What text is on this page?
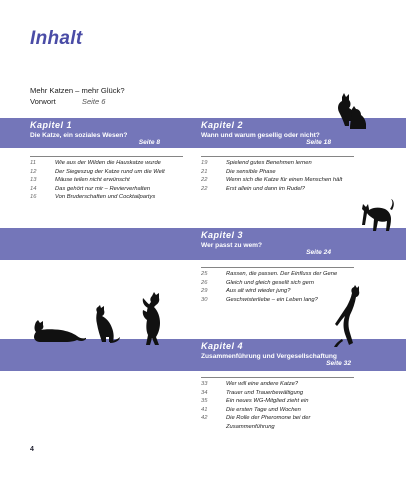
Inhalt
Mehr Katzen – mehr Glück?
Vorwort	Seite 6
Kapitel 1	Kapitel 2
Die Katze, ein soziales Wesen?
Seite 8
Wann und warum gesellig oder nicht?
Seite 18
11	Wie aus der Wilden die Hauskatze wurde
12	Der Siegeszug der Katze rund um die Welt
13	Mäuse teilen nicht erwünscht
14	Das gehört nur mir – Revierverhalten
16	Von Bruderschaften und Cocktailpartys
19	Spielend gutes Benehmen lernen
21	Die sensible Phase
22	Wenn sich die Katze für einen Menschen hält
22	Erst allein und dann im Rudel?
Kapitel 3
Wer passt zu wem?
Seite 24
25	Rassen, die passen. Der Einfluss der Gene
26	Gleich und gleich gesellt sich gern
29	Aus alt wird wieder jung?
30	Geschwisterliebe – ein Leben lang?
Kapitel 4
Zusammenführung und Vergesellschaftung
Seite 32
33	Wer will eine andere Katze?
34	Trauer und Trauerbewältigung
35	Ein neues WG-Mitglied zieht ein
41	Die ersten Tage und Wochen
42	Die Rolle der Pheromone bei der
Zusammenführung
4
